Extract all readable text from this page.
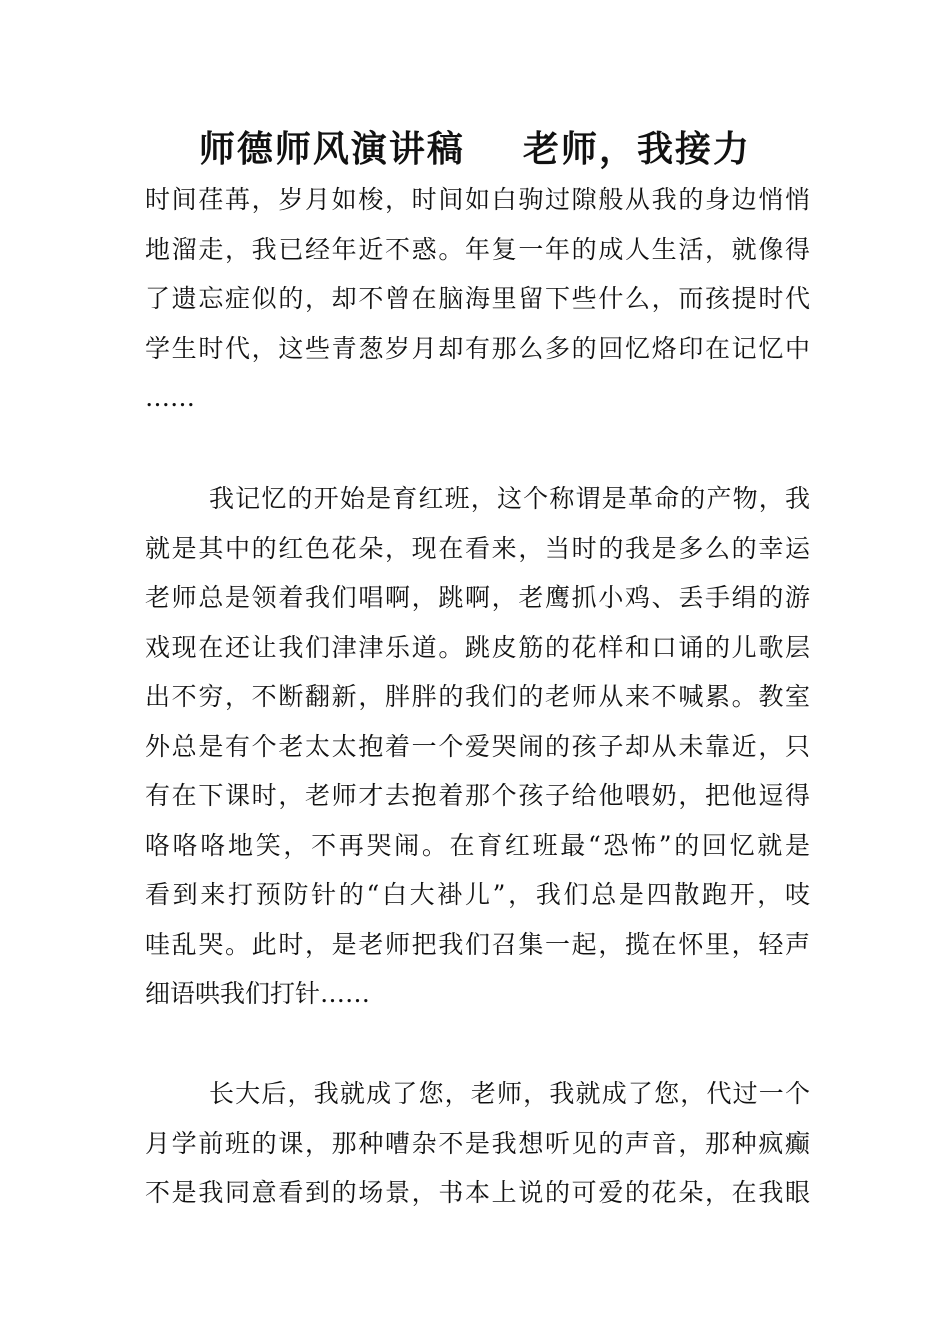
师德师风演讲稿    老师，我接力
时间荏苒，岁月如梭，时间如白驹过隙般从我的身边悄悄
地溜走，我已经年近不惑。年复一年的成人生活，就像得
了遗忘症似的，却不曾在脑海里留下些什么，而孩提时代
学生时代，这些青葱岁月却有那么多的回忆烙印在记忆中
……
我记忆的开始是育红班，这个称谓是革命的产物，我
就是其中的红色花朵，现在看来，当时的我是多么的幸运
老师总是领着我们唱啊，跳啊，老鹰抓小鸡、丢手绢的游
戏现在还让我们津津乐道。跳皮筋的花样和口诵的儿歌层
出不穷，不断翻新，胖胖的我们的老师从来不喊累。教室
外总是有个老太太抱着一个爱哭闹的孩子却从未靠近，只
有在下课时，老师才去抱着那个孩子给他喂奶，把他逗得
咯咯咯地笑，不再哭闹。在育红班最“恐怖”的回忆就是
看到来打预防针的“白大褂儿”，我们总是四散跑开，吱
哇乱哭。此时，是老师把我们召集一起，揽在怀里，轻声
细语哄我们打针……
长大后，我就成了您，老师，我就成了您，代过一个
月学前班的课，那种嘈杂不是我想听见的声音，那种疯癫
不是我同意看到的场景，书本上说的可爱的花朵，在我眼
